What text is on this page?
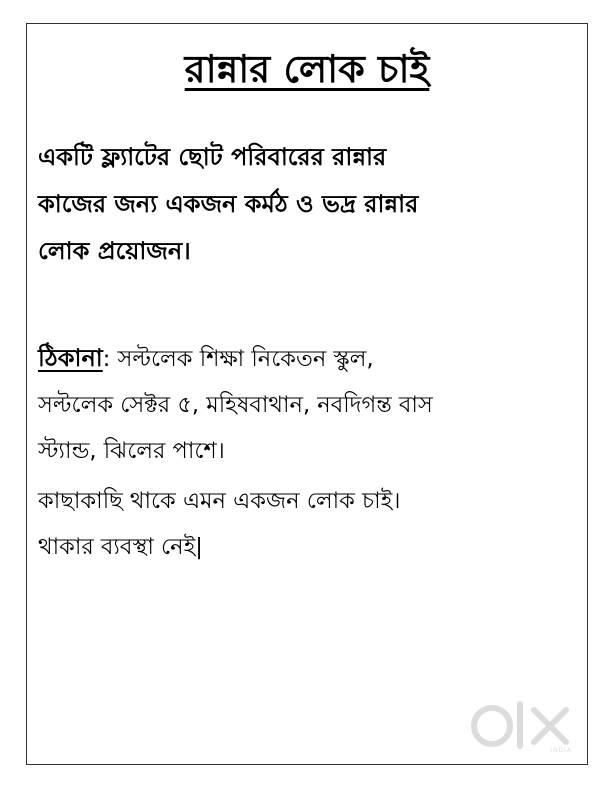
রান্নার লোক চাই
একটি ফ্ল্যাটের ছোট পরিবারের রান্নার
কাজের জন্য একজন কর্মঠ ও ভদ্র রান্নার
লোক প্রয়োজন।
ঠিকানা: সল্টলেক শিক্ষা নিকেতন স্কুল,
সল্টলেক সেক্টর ৫, মহিষবাথান, নবদিগন্ত বাস
স্ট্যান্ড, ঝিলের পাশে।
কাছাকাছি থাকে এমন একজন লোক চাই।
থাকার ব্যবস্থা নেই|
INDIA
